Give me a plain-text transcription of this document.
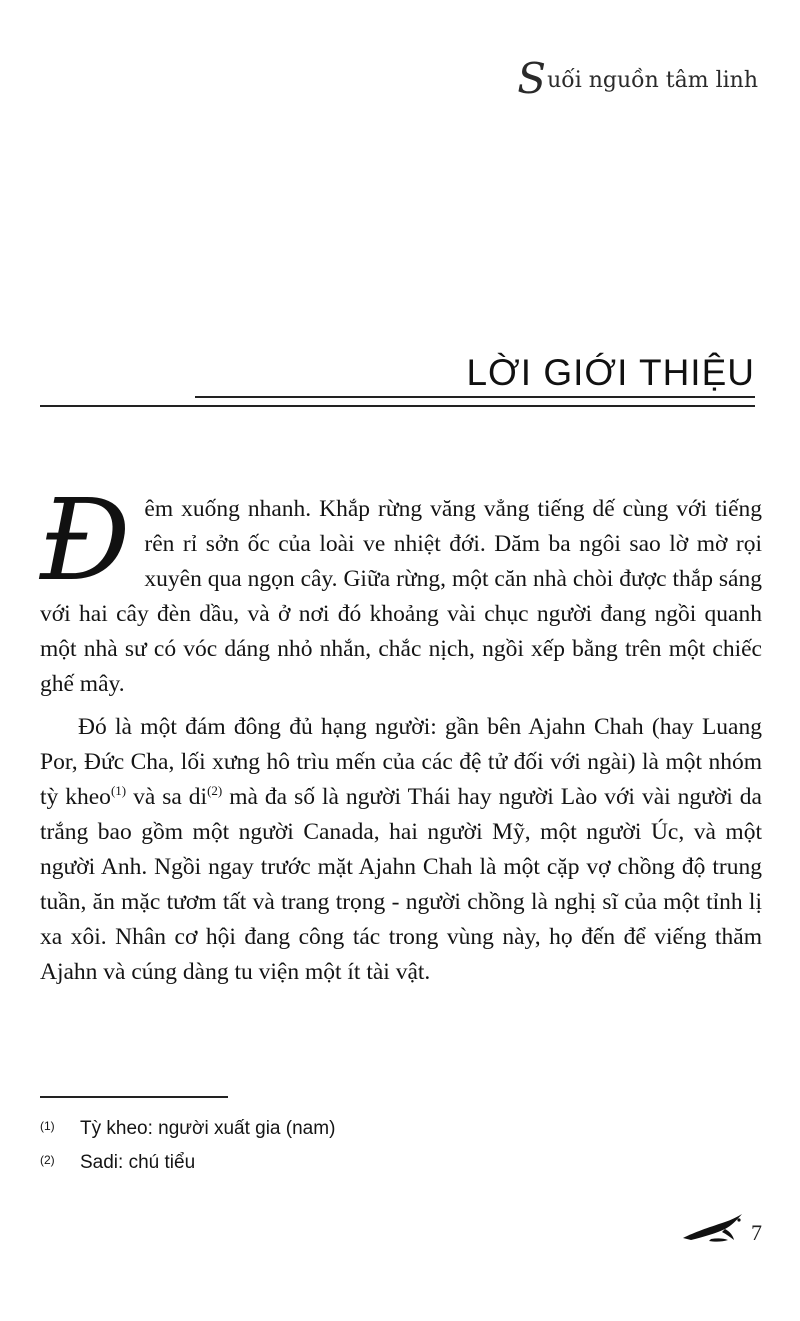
Suối nguồn tâm linh
LỜI GIỚI THIỆU

Đêm xuống nhanh. Khắp rừng văng vẳng tiếng dế cùng với tiếng rên rỉ sởn ốc của loài ve nhiệt đới. Dăm ba ngôi sao lờ mờ rọi xuyên qua ngọn cây. Giữa rừng, một căn nhà chòi được thắp sáng với hai cây đèn dầu, và ở nơi đó khoảng vài chục người đang ngồi quanh một nhà sư có vóc dáng nhỏ nhắn, chắc nịch, ngồi xếp bằng trên một chiếc ghế mây.

Đó là một đám đông đủ hạng người: gần bên Ajahn Chah (hay Luang Por, Đức Cha, lối xưng hô trìu mến của các đệ tử đối với ngài) là một nhóm tỳ kheo$^{(1)}$ và sa di$^{(2)}$ mà đa số là người Thái hay người Lào với vài người da trắng bao gồm một người Canada, hai người Mỹ, một người Úc, và một người Anh. Ngồi ngay trước mặt Ajahn Chah là một cặp vợ chồng độ trung tuần, ăn mặc tươm tất và trang trọng - người chồng là nghị sĩ của một tỉnh lị xa xôi. Nhân cơ hội đang công tác trong vùng này, họ đến để viếng thăm Ajahn và cúng dàng tu viện một ít tài vật.

(1)	Tỳ kheo: người xuất gia (nam)
(2)	Sadi: chú tiểu
7
